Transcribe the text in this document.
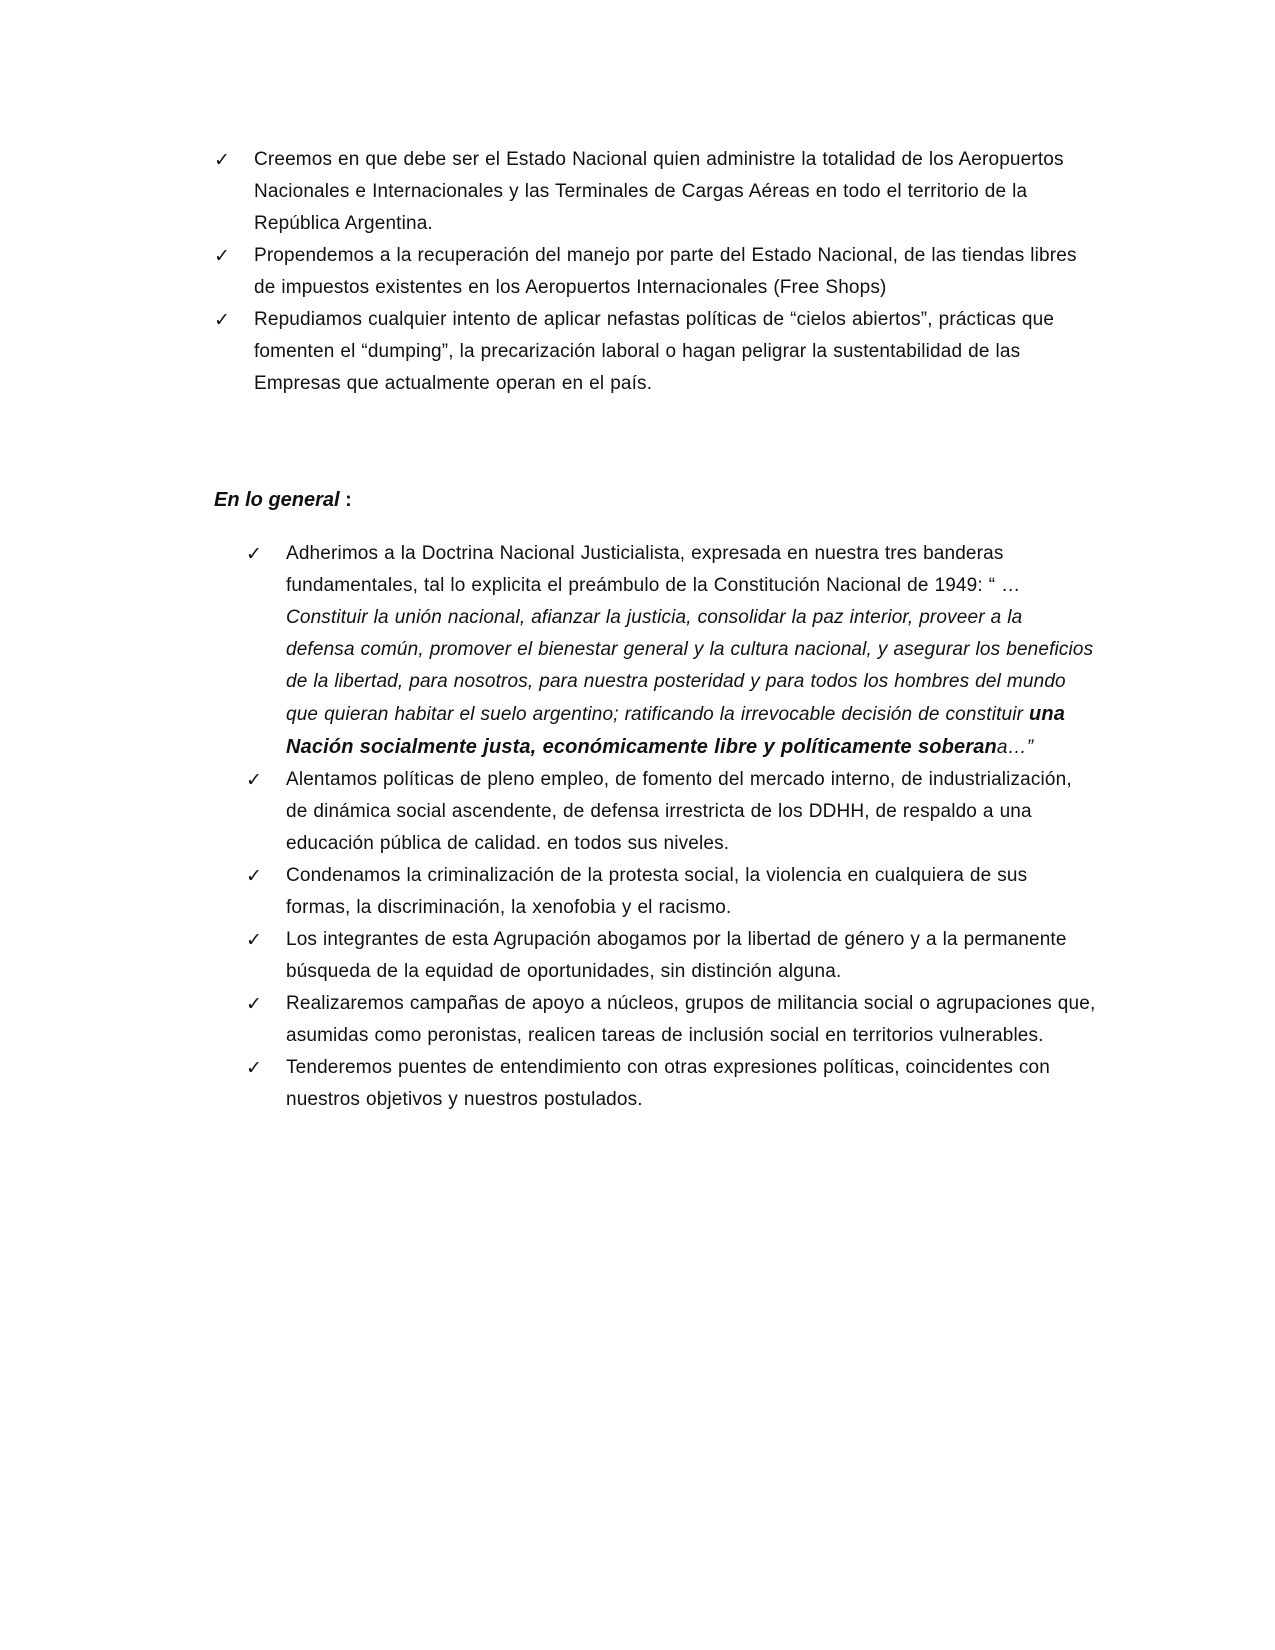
✓ Creemos en que debe ser el Estado Nacional quien administre la totalidad de los Aeropuertos Nacionales e Internacionales y las Terminales de Cargas Aéreas en todo el territorio de la República Argentina.
✓ Propendemos a la recuperación del manejo por parte del Estado Nacional, de las tiendas libres de impuestos existentes en los Aeropuertos Internacionales (Free Shops)
✓ Repudiamos cualquier intento de aplicar nefastas políticas de “cielos abiertos”, prácticas que fomenten el “dumping”, la precarización laboral o hagan peligrar la sustentabilidad de las Empresas que actualmente operan en el país.
En lo general :
✓ Adherimos a la Doctrina Nacional Justicialista, expresada en nuestra tres banderas fundamentales, tal lo explicita el preámbulo de la Constitución Nacional de 1949: “ … Constituir la unión nacional, afianzar la justicia, consolidar la paz interior, proveer a la defensa común, promover el bienestar general y la cultura nacional, y asegurar los beneficios de la libertad, para nosotros, para nuestra posteridad y para todos los hombres del mundo que quieran habitar el suelo argentino; ratificando la irrevocable decisión de constituir una Nación socialmente justa, económicamente libre y políticamente soberana…”
✓ Alentamos políticas de pleno empleo, de fomento del mercado interno, de industrialización, de dinámica social ascendente, de defensa irrestricta de los DDHH, de respaldo a una educación pública de calidad. en todos sus niveles.
✓ Condenamos la criminalización de la protesta social, la violencia en cualquiera de sus formas, la discriminación, la xenofobia y el racismo.
✓ Los integrantes de esta Agrupación abogamos por la libertad de género y a la permanente búsqueda de la equidad de oportunidades, sin distinción alguna.
✓ Realizaremos campañas de apoyo a núcleos, grupos de militancia social o agrupaciones que, asumidas como peronistas, realicen tareas de inclusión social en territorios vulnerables.
✓ Tenderemos puentes de entendimiento con otras expresiones políticas, coincidentes con nuestros objetivos y nuestros postulados.
